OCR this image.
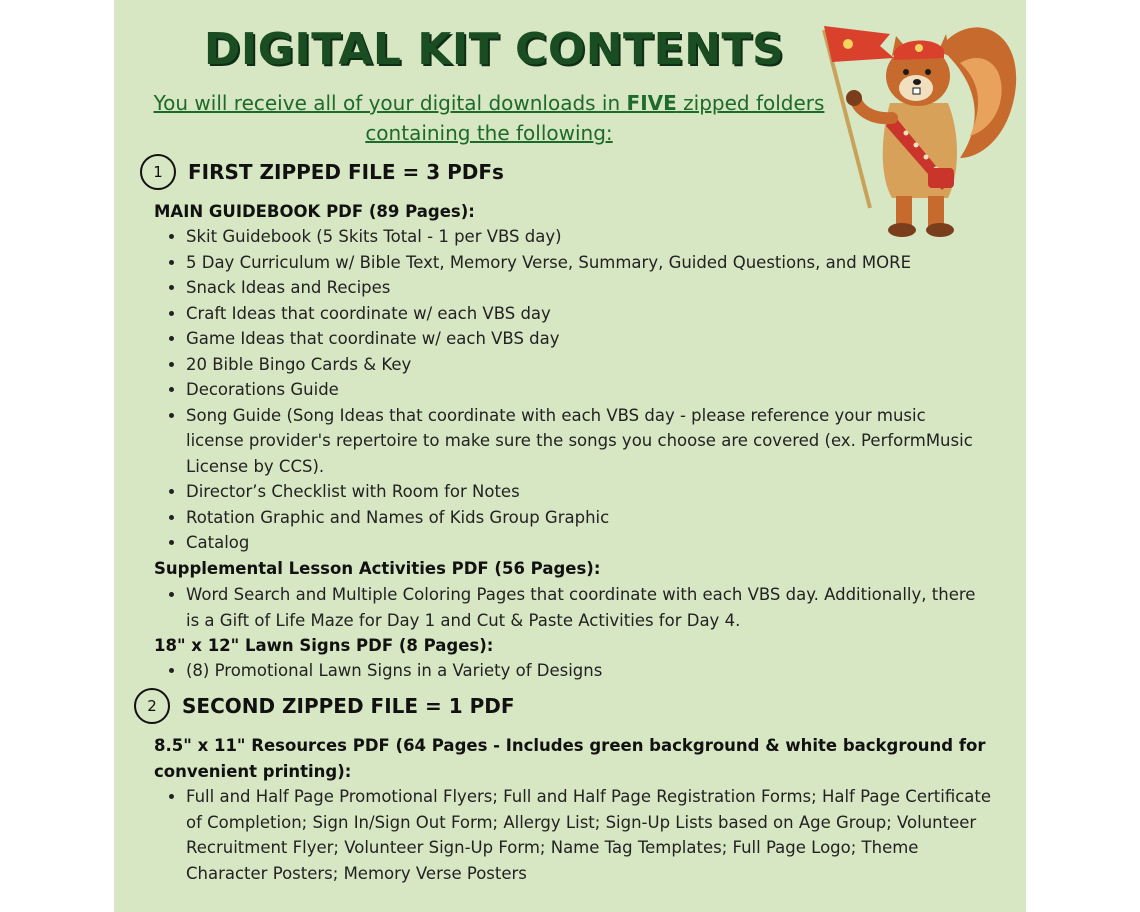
DIGITAL KIT CONTENTS
You will receive all of your digital downloads in FIVE zipped folders containing the following:
1	FIRST ZIPPED FILE = 3 PDFs
MAIN GUIDEBOOK PDF (89 Pages):
• Skit Guidebook (5 Skits Total - 1 per VBS day)
• 5 Day Curriculum w/ Bible Text, Memory Verse, Summary, Guided Questions, and MORE
• Snack Ideas and Recipes
• Craft Ideas that coordinate w/ each VBS day
• Game Ideas that coordinate w/ each VBS day
• 20 Bible Bingo Cards & Key
• Decorations Guide
• Song Guide (Song Ideas that coordinate with each VBS day - please reference your music license provider's repertoire to make sure the songs you choose are covered (ex. PerformMusic License by CCS).
• Director’s Checklist with Room for Notes
• Rotation Graphic and Names of Kids Group Graphic
• Catalog
Supplemental Lesson Activities PDF (56 Pages):
• Word Search and Multiple Coloring Pages that coordinate with each VBS day. Additionally, there is a Gift of Life Maze for Day 1 and Cut & Paste Activities for Day 4.
18" x 12" Lawn Signs PDF (8 Pages):
• (8) Promotional Lawn Signs in a Variety of Designs
2	SECOND ZIPPED FILE = 1 PDF
8.5" x 11" Resources PDF (64 Pages - Includes green background & white background for convenient printing):
• Full and Half Page Promotional Flyers; Full and Half Page Registration Forms; Half Page Certificate of Completion; Sign In/Sign Out Form; Allergy List; Sign-Up Lists based on Age Group; Volunteer Recruitment Flyer; Volunteer Sign-Up Form; Name Tag Templates; Full Page Logo; Theme Character Posters; Memory Verse Posters
